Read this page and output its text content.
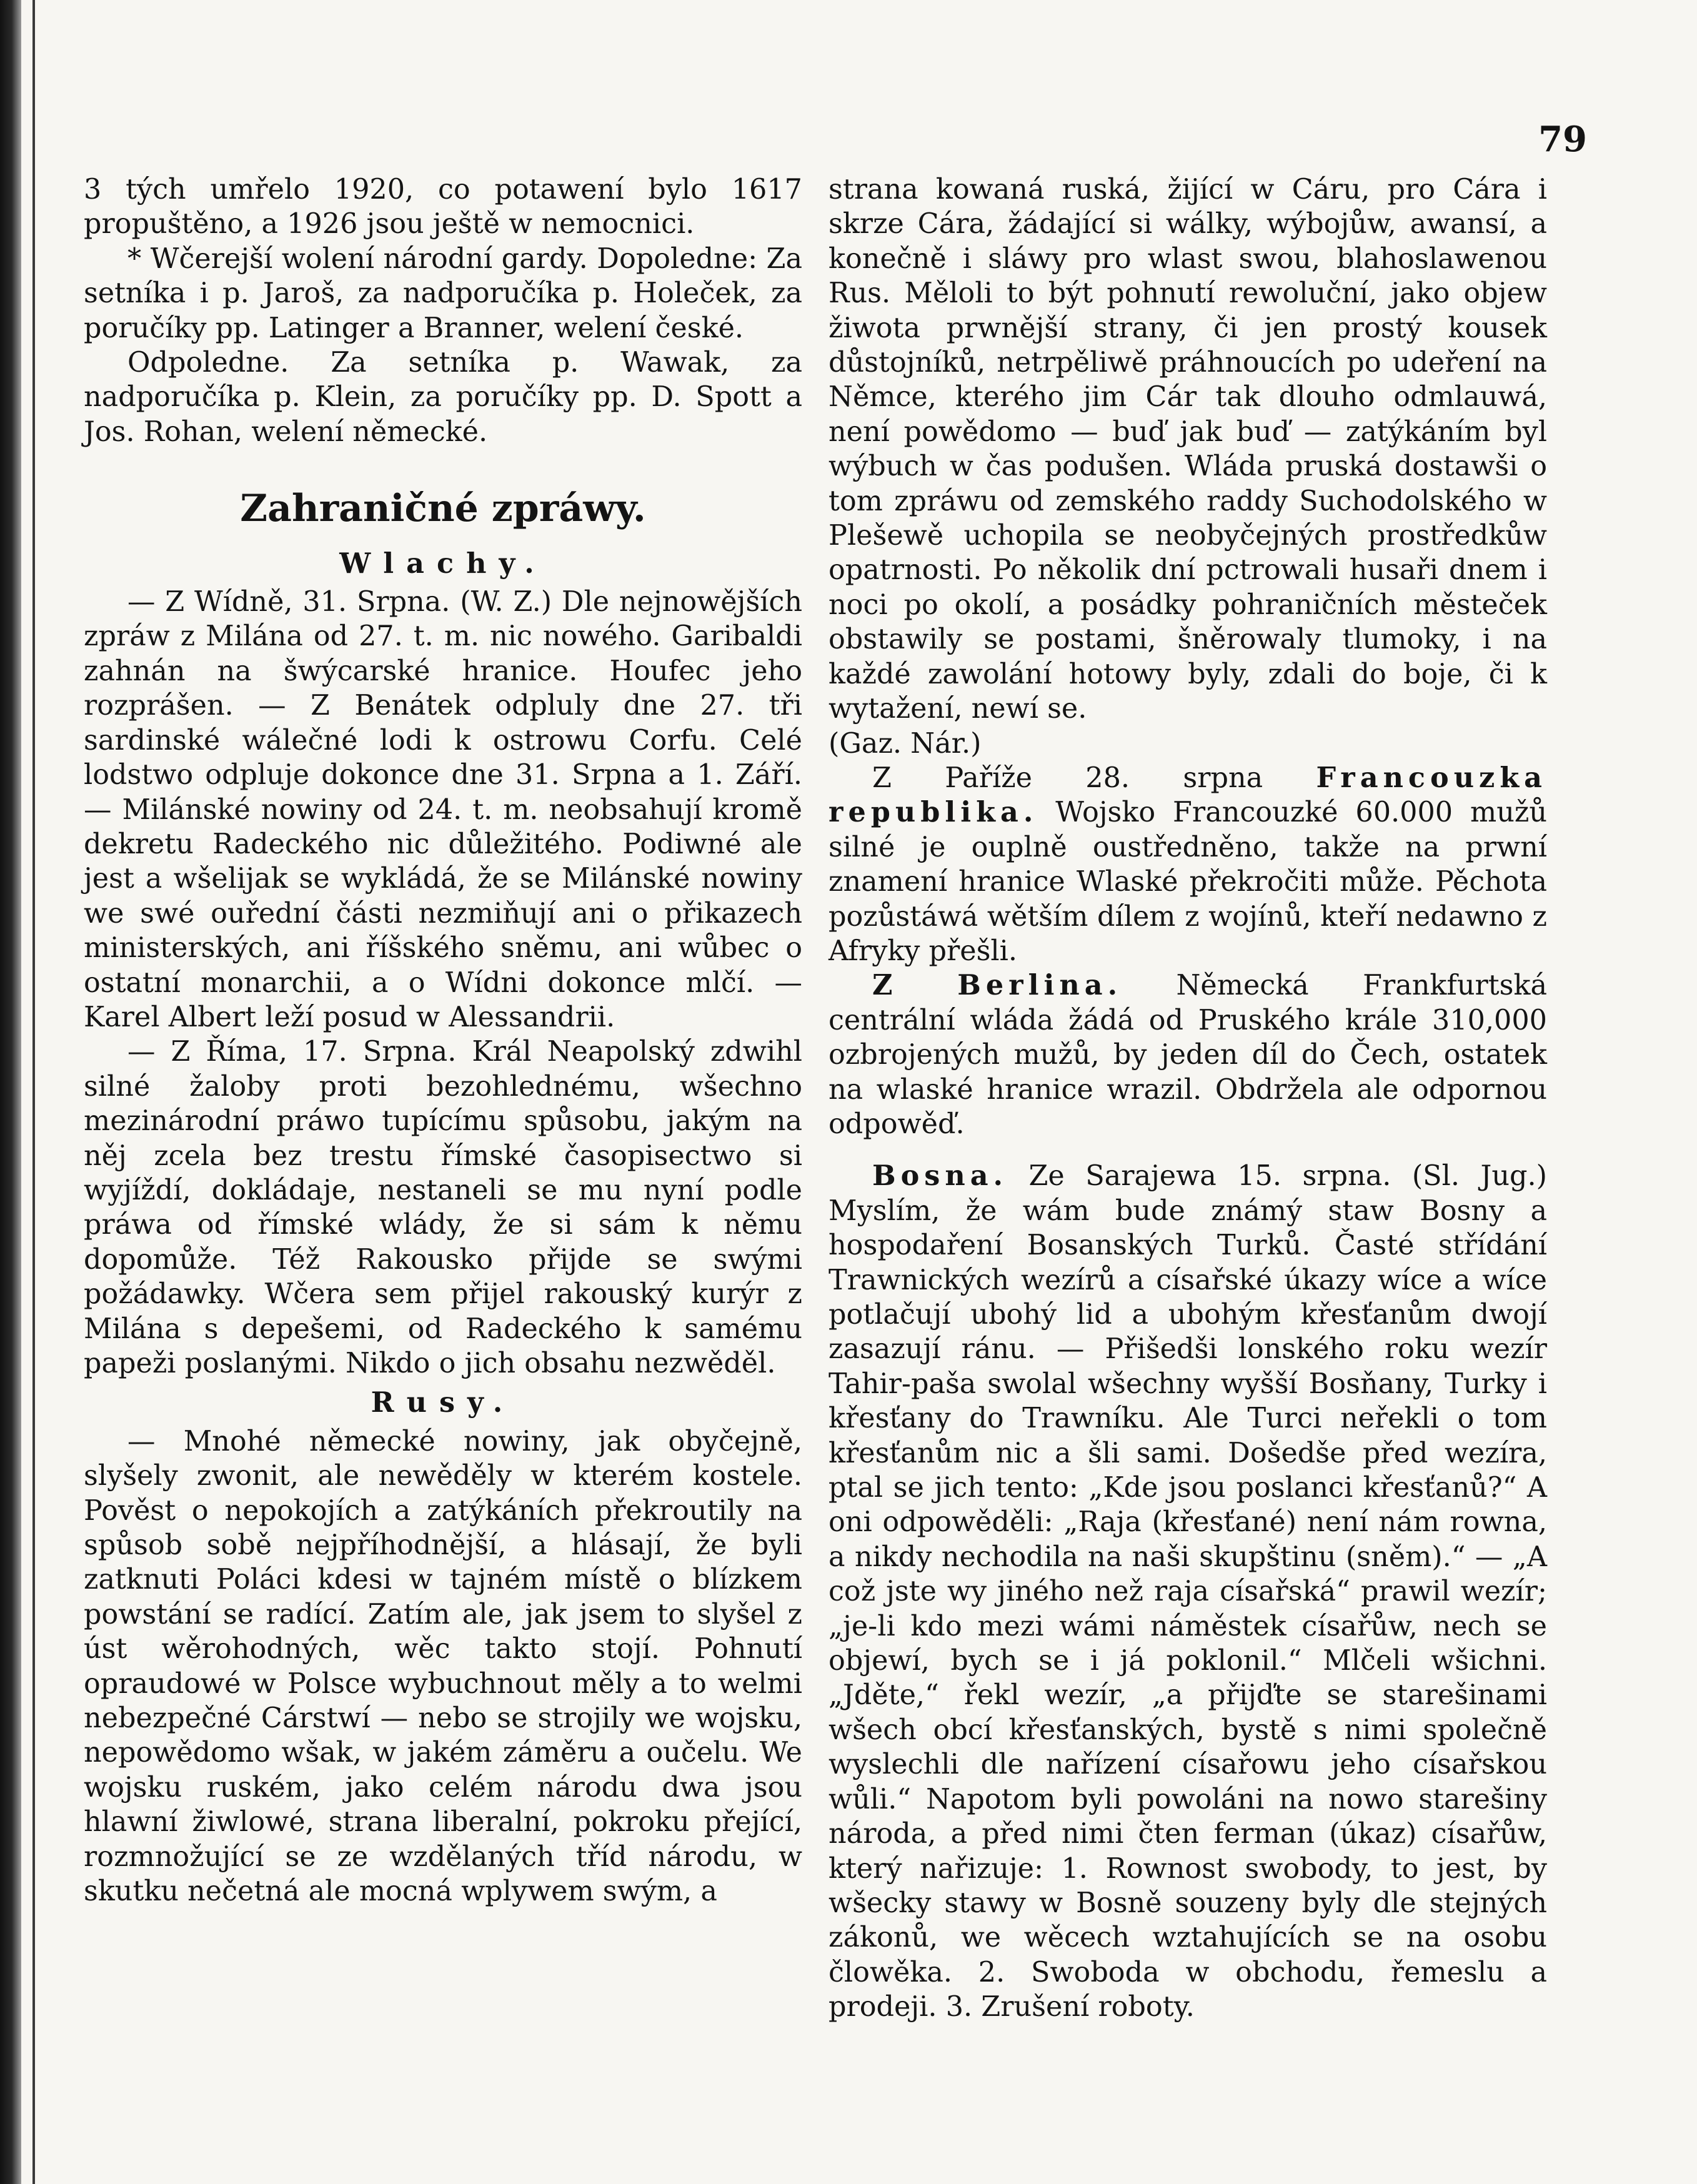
79

3 tých umřelo 1920, co potawení bylo 1617 propuštěno, a 1926 jsou ještě w nemocnici.

* Wčerejší wolení národní gardy. Dopoledne: Za setníka i p. Jaroš, za nadporučíka p. Holeček, za poručíky pp. Latinger a Branner, welení české.

Odpoledne. Za setníka p. Wawak, za nadporučíka p. Klein, za poručíky pp. D. Spott a Jos. Rohan, welení německé.

Zahraničné zpráwy.
Wlachy.

— Z Wídně, 31. Srpna. (W. Z.) Dle nejnowějších zpráw z Milána od 27. t. m. nic nowého. Garibaldi zahnán na šwýcarské hranice. Houfec jeho rozprášen. — Z Benátek odpluly dne 27. tři sardinské wálečné lodi k ostrowu Corfu. Celé lodstwo odpluje dokonce dne 31. Srpna a 1. Září. — Milánské nowiny od 24. t. m. neobsahují kromě dekretu Radeckého nic důležitého. Podiwné ale jest a wšelijak se wykládá, že se Milánské nowiny we swé ouřední části nezmiňují ani o přikazech ministerských, ani říšského sněmu, ani wůbec o ostatní monarchii, a o Wídni dokonce mlčí. — Karel Albert leží posud w Alessandrii.

— Z Říma, 17. Srpna. Král Neapolský zdwihl silné žaloby proti bezohlednému, wšechno mezinárodní práwo tupícímu spůsobu, jakým na něj zcela bez trestu římské časopisectwo si wyjíždí, dokládaje, nestaneli se mu nyní podle práwa od římské wlády, že si sám k němu dopomůže. Též Rakousko přijde se swými požádawky. Wčera sem přijel rakouský kurýr z Milána s depešemi, od Radeckého k samému papeži poslanými. Nikdo o jich obsahu nezwěděl.

Rusy.

— Mnohé německé nowiny, jak obyčejně, slyšely zwonit, ale newěděly w kterém kostele. Pověst o nepokojích a zatýkáních překroutily na spůsob sobě nejpříhodnější, a hlásají, že byli zatknuti Poláci kdesi w tajném místě o blízkem powstání se radící. Zatím ale, jak jsem to slyšel z úst wěrohodných, wěc takto stojí. Pohnutí opraudowé w Polsce wybuchnout měly a to welmi nebezpečné Cárstwí — nebo se strojily we wojsku, nepowědomo wšak, w jakém záměru a oučelu. We wojsku ruském, jako celém národu dwa jsou hlawní žiwlowé, strana liberalní, pokroku přející, rozmnožující se ze wzdělaných tříd národu, w skutku nečetná ale mocná wplywem swým, a

strana kowaná ruská, žijící w Cáru, pro Cára i skrze Cára, žádající si wálky, wýbojůw, awansí, a konečně i sláwy pro wlast swou, blahoslawenou Rus. Měloli to být pohnutí rewoluční, jako objew žiwota prwnější strany, či jen prostý kousek důstojníků, netrpěliwě práhnoucích po udeření na Němce, kterého jim Cár tak dlouho odmlauwá, není powědomo — buď jak buď — zatýkáním byl wýbuch w čas podušen. Wláda pruská dostawši o tom zpráwu od zemského raddy Suchodolského w Plešewě uchopila se neobyčejných prostředkůw opatrnosti. Po několik dní pctrowali husaři dnem i noci po okolí, a posádky pohraničních městeček obstawily se postami, šněrowaly tlumoky, i na každé zawolání hotowy byly, zdali do boje, či k wytažení, newí se.

(Gaz. Nár.)

Z Paříže 28. srpna Francouzka republika. Wojsko Francouzké 60.000 mužů silné je ouplně oustředněno, takže na prwní znamení hranice Wlaské překročiti může. Pěchota pozůstáwá wětším dílem z wojínů, kteří nedawno z Afryky přešli.

Z Berlina. Německá Frankfurtská centrální wláda žádá od Pruského krále 310,000 ozbrojených mužů, by jeden díl do Čech, ostatek na wlaské hranice wrazil. Obdržela ale odpornou odpowěď.

Bosna. Ze Sarajewa 15. srpna. (Sl. Jug.) Myslím, že wám bude známý staw Bosny a hospodaření Bosanských Turků. Časté střídání Trawnických wezírů a císařské úkazy wíce a wíce potlačují ubohý lid a ubohým křesťanům dwojí zasazují ránu. — Přišedši lonského roku wezír Tahir-paša swolal wšechny wyšší Bosňany, Turky i křesťany do Trawníku. Ale Turci neřekli o tom křesťanům nic a šli sami. Došedše před wezíra, ptal se jich tento: „Kde jsou poslanci křesťanů?“ A oni odpowěděli: „Raja (křesťané) není nám rowna, a nikdy nechodila na naši skupštinu (sněm).“ — „A což jste wy jiného než raja císařská“ prawil wezír; „je-li kdo mezi wámi náměstek císařůw, nech se objewí, bych se i já poklonil.“ Mlčeli wšichni. „Jděte,“ řekl wezír, „a přijďte se starešinami wšech obcí křesťanských, bystě s nimi společně wyslechli dle nařízení císařowu jeho císařskou wůli.“ Napotom byli powoláni na nowo starešiny národa, a před nimi čten ferman (úkaz) císařůw, který nařizuje: 1. Rownost swobody, to jest, by wšecky stawy w Bosně souzeny byly dle stejných zákonů, we wěcech wztahujících se na osobu člowěka. 2. Swoboda w obchodu, řemeslu a prodeji. 3. Zrušení roboty.
